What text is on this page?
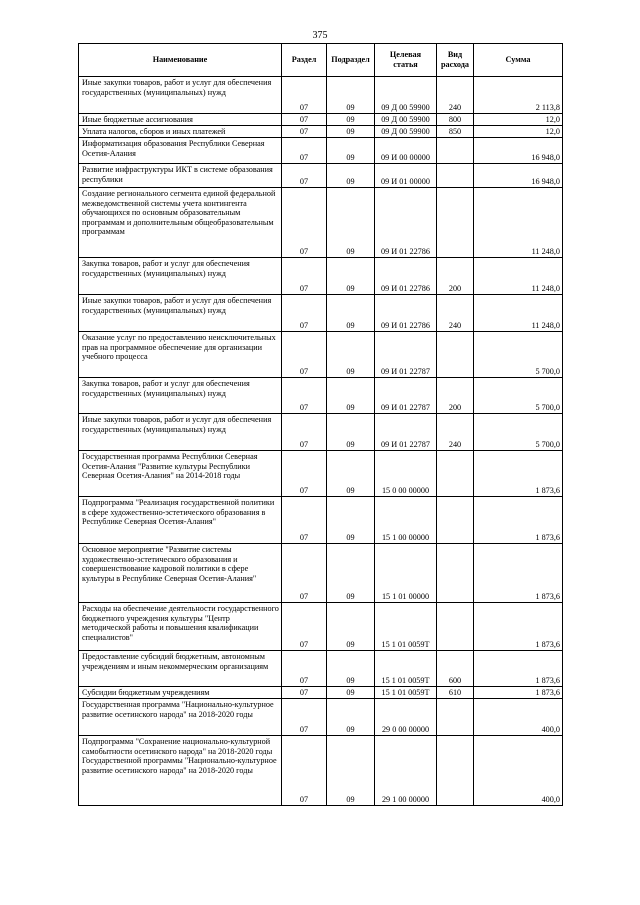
375
Наименование	Раздел	Подраздел	Целевая статья	Вид расхода	Сумма
Иные закупки товаров, работ и услуг для обеспечения государственных (муниципальных) нужд	07	09	09 Д 00 59900	240	2 113,8
Иные бюджетные ассигнования	07	09	09 Д 00 59900	800	12,0
Уплата налогов, сборов и иных платежей	07	09	09 Д 00 59900	850	12,0
Информатизация образования Республики Северная Осетия-Алания	07	09	09 И 00 00000		16 948,0
Развитие инфраструктуры ИКТ в системе образования республики	07	09	09 И 01 00000		16 948,0
Создание регионального сегмента единой федеральной межведомственной системы учета контингента обучающихся по основным образовательным программам и дополнительным общеобразовательным программам	07	09	09 И 01 22786		11 248,0
Закупка товаров, работ и услуг для обеспечения государственных (муниципальных) нужд	07	09	09 И 01 22786	200	11 248,0
Иные закупки товаров, работ и услуг для обеспечения государственных (муниципальных) нужд	07	09	09 И 01 22786	240	11 248,0
Оказание услуг по предоставлению неисключительных прав на программное обеспечение для организации учебного процесса	07	09	09 И 01 22787		5 700,0
Закупка товаров, работ и услуг для обеспечения государственных (муниципальных) нужд	07	09	09 И 01 22787	200	5 700,0
Иные закупки товаров, работ и услуг для обеспечения государственных (муниципальных) нужд	07	09	09 И 01 22787	240	5 700,0
Государственная программа Республики Северная Осетия-Алания "Развитие культуры Республики Северная Осетия-Алания" на 2014-2018 годы	07	09	15 0 00 00000		1 873,6
Подпрограмма "Реализация государственной политики в сфере художественно-эстетического образования в Республике Северная Осетия-Алания"	07	09	15 1 00 00000		1 873,6
Основное мероприятие "Развитие системы художественно-эстетического образования и совершенствование кадровой политики в сфере культуры в Республике Северная Осетия-Алания"	07	09	15 1 01 00000		1 873,6
Расходы на обеспечение деятельности государственного бюджетного учреждения культуры "Центр методической работы и повышения квалификации специалистов"	07	09	15 1 01 0059Т		1 873,6
Предоставление субсидий бюджетным, автономным учреждениям и иным некоммерческим организациям	07	09	15 1 01 0059Т	600	1 873,6
Субсидии бюджетным учреждениям	07	09	15 1 01 0059Т	610	1 873,6
Государственная программа "Национально-культурное развитие осетинского народа" на 2018-2020 годы	07	09	29 0 00 00000		400,0
Подпрограмма "Сохранение национально-культурной самобытности осетинского народа" на 2018-2020 годы Государственной программы "Национально-культурное развитие осетинского народа" на 2018-2020 годы	07	09	29 1 00 00000		400,0
